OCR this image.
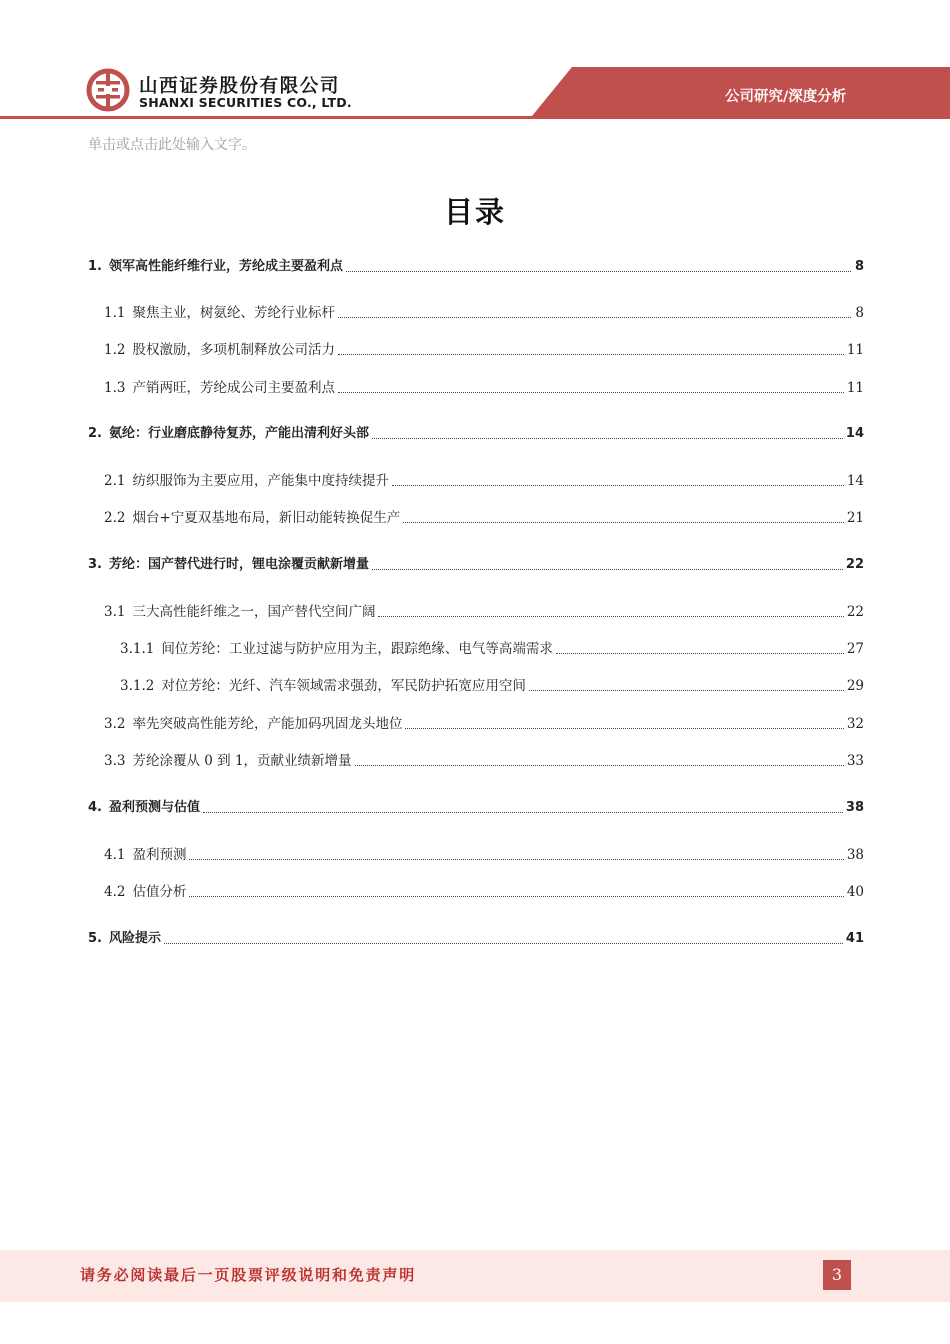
山西证券股份有限公司
SHANXI SECURITIES CO., LTD.	公司研究/深度分析
单击或点击此处输入文字。
目录
1. 领军高性能纤维行业，芳纶成主要盈利点	8
1.1 聚焦主业，树氨纶、芳纶行业标杆	8
1.2 股权激励，多项机制释放公司活力	11
1.3 产销两旺，芳纶成公司主要盈利点	11
2. 氨纶：行业磨底静待复苏，产能出清利好头部	14
2.1 纺织服饰为主要应用，产能集中度持续提升	14
2.2 烟台+宁夏双基地布局，新旧动能转换促生产	21
3. 芳纶：国产替代进行时，锂电涂覆贡献新增量	22
3.1 三大高性能纤维之一，国产替代空间广阔	22
3.1.1 间位芳纶：工业过滤与防护应用为主，跟踪绝缘、电气等高端需求	27
3.1.2 对位芳纶：光纤、汽车领域需求强劲，军民防护拓宽应用空间	29
3.2 率先突破高性能芳纶，产能加码巩固龙头地位	32
3.3 芳纶涂覆从 0 到 1，贡献业绩新增量	33
4. 盈利预测与估值	38
4.1 盈利预测	38
4.2 估值分析	40
5. 风险提示	41
请务必阅读最后一页股票评级说明和免责声明	3
